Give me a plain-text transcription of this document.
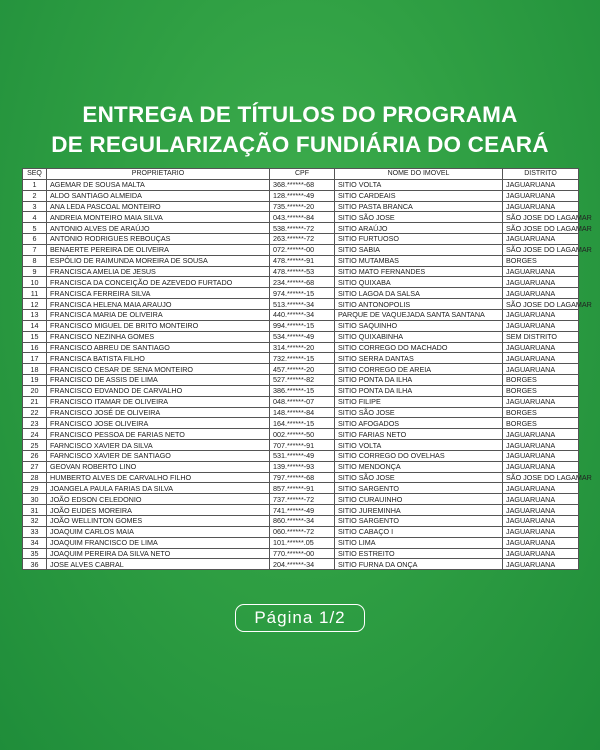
ENTREGA DE TÍTULOS DO PROGRAMA
DE REGULARIZAÇÃO FUNDIÁRIA DO CEARÁ
SEQ	PROPRIETARIO	CPF	NOME DO IMOVEL	DISTRITO
1	AGEMAR DE SOUSA MALTA	368.******-68	SITIO VOLTA	JAGUARUANA
2	ALDO SANTIAGO ALMEIDA	128.******-49	SITIO CARDEAIS	JAGUARUANA
3	ANA LEDA PASCOAL MONTEIRO	735.******-20	SITIO PASTA BRANCA	JAGUARUANA
4	ANDREIA MONTEIRO MAIA SILVA	043.******-84	SITIO SÃO JOSE	SÃO JOSE DO LAGAMAR
5	ANTONIO ALVES DE ARAÚJO	538.******-72	SITIO ARAÚJO	SÃO JOSE DO LAGAMAR
6	ANTONIO RODRIGUES REBOUÇAS	263.******-72	SITIO FURTUOSO	JAGUARUANA
7	BENAERTE PEREIRA DE OLIVEIRA	072.******-00	SITIO SABIA	SÃO JOSE DO LAGAMAR
8	ESPÓLIO DE RAIMUNDA MOREIRA DE SOUSA	478.******-91	SITIO MUTAMBAS	BORGES
9	FRANCISCA AMELIA DE JESUS	478.******-53	SITIO MATO FERNANDES	JAGUARUANA
10	FRANCISCA DA CONCEIÇÃO DE AZEVEDO FURTADO	234.******-68	SITIO QUIXABA	JAGUARUANA
11	FRANCISCA FERREIRA SILVA	974.******-15	SITIO LAGOA DA SALSA	JAGUARUANA
12	FRANCISCA HELENA MAIA ARAUJO	513.******-34	SITIO ANTONOPOLIS	SÃO JOSE DO LAGAMAR
13	FRANCISCA MARIA DE OLIVEIRA	440.******-34	PARQUE DE VAQUEJADA SANTA SANTANA	JAGUARUANA
14	FRANCISCO MIGUEL DE BRITO MONTEIRO	994.******-15	SITIO SAQUINHO	JAGUARUANA
15	FRANCISCO NEZINHA GOMES	534.******-49	SITIO QUIXABINHA	SEM DISTRITO
16	FRANCISCO ABREU DE SANTIAGO	314.******-20	SITIO CORREGO DO MACHADO	JAGUARUANA
17	FRANCISCA BATISTA FILHO	732.******-15	SITIO SERRA DANTAS	JAGUARUANA
18	FRANCISCO CESAR DE SENA MONTEIRO	457.******-20	SITIO CORREGO DE AREIA	JAGUARUANA
19	FRANCISCO DE ASSIS DE LIMA	527.******-82	SITIO PONTA DA ILHA	BORGES
20	FRANCISCO EDVANDO DE CARVALHO	386.******-15	SITIO PONTA DA ILHA	BORGES
21	FRANCISCO ITAMAR DE OLIVEIRA	048.******-07	SITIO FILIPE	JAGUARUANA
22	FRANCISCO JOSÉ DE OLIVEIRA	148.******-84	SITIO SÃO JOSE	BORGES
23	FRANCISCO JOSE OLIVEIRA	164.******-15	SITIO AFOGADOS	BORGES
24	FRANCISCO PESSOA DE FARIAS NETO	002.******-50	SITIO FARIAS NETO	JAGUARUANA
25	FARNCISCO XAVIER DA SILVA	707.******-91	SITIO VOLTA	JAGUARUANA
26	FARNCISCO XAVIER DE SANTIAGO	531.******-49	SITIO CORREGO DO OVELHAS	JAGUARUANA
27	GEOVAN ROBERTO LINO	139.******-93	SITIO MENDONÇA	JAGUARUANA
28	HUMBERTO ALVES DE CARVALHO FILHO	797.******-68	SITIO SÃO JOSE	SÃO JOSE DO LAGAMAR
29	JOANGELA PAULA FARIAS DA SILVA	857.******-91	SITIO SARGENTO	JAGUARUANA
30	JOÃO EDSON CELEDONIO	737.******-72	SITIO CURAUINHO	JAGUARUANA
31	JOÃO EUDES MOREIRA	741.******-49	SITIO JUREMINHA	JAGUARUANA
32	JOÃO WELLINTON GOMES	860.******-34	SITIO SARGENTO	JAGUARUANA
33	JOAQUIM CARLOS MAIA	060.******-72	SITIO CABAÇO I	JAGUARUANA
34	JOAQUIM FRANCISCO DE LIMA	101.******.05	SITIO LIMA	JAGUARUANA
35	JOAQUIM PEREIRA DA SILVA NETO	770.******-00	SITIO ESTREITO	JAGUARUANA
36	JOSE ALVES CABRAL	204.******-34	SITIO FURNA DA ONÇA	JAGUARUANA
Página 1/2
